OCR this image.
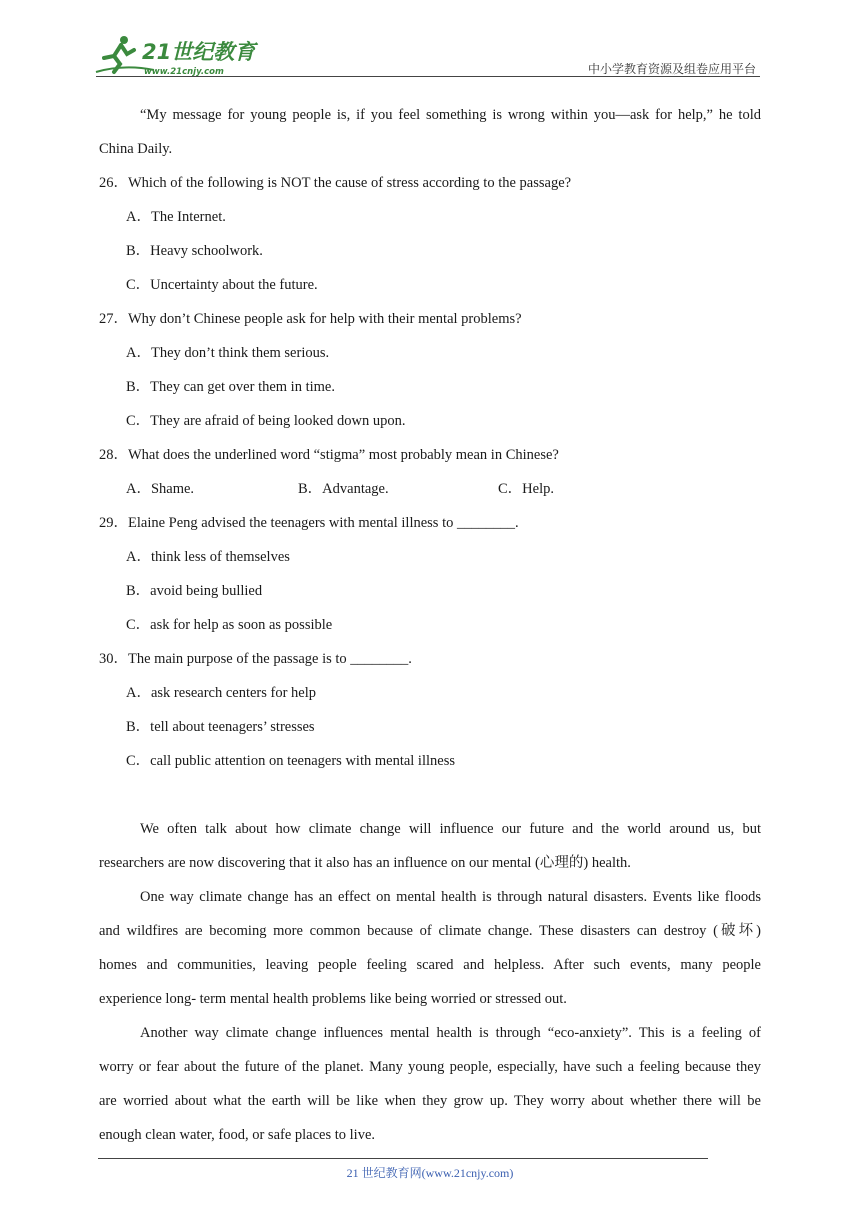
21世纪教育
www.21cnjy.com	中小学教育资源及组卷应用平台
“My message for young people is, if you feel something is wrong within you—ask for help,” he told
China Daily.
26．Which of the following is NOT the cause of stress according to the passage?
A．The Internet.
B．Heavy schoolwork.
C．Uncertainty about the future.
27．Why don’t Chinese people ask for help with their mental problems?
A．They don’t think them serious.
B．They can get over them in time.
C．They are afraid of being looked down upon.
28．What does the underlined word “stigma” most probably mean in Chinese?
A．Shame.	B．Advantage.	C．Help.
29．Elaine Peng advised the teenagers with mental illness to ________.
A．think less of themselves
B．avoid being bullied
C．ask for help as soon as possible
30．The main purpose of the passage is to ________.
A．ask research centers for help
B．tell about teenagers’ stresses
C．call public attention on teenagers with mental illness
We often talk about how climate change will influence our future and the world around us, but
researchers are now discovering that it also has an influence on our mental (心理的) health.
One way climate change has an effect on mental health is through natural disasters. Events like floods
and wildfires are becoming more common because of climate change. These disasters can destroy (破坏)
homes and communities, leaving people feeling scared and helpless. After such events, many people
experience long- term mental health problems like being worried or stressed out.
Another way climate change influences mental health is through “eco-anxiety”. This is a feeling of
worry or fear about the future of the planet. Many young people, especially, have such a feeling because they
are worried about what the earth will be like when they grow up. They worry about whether there will be
enough clean water, food, or safe places to live.
21 世纪教育网(www.21cnjy.com)
